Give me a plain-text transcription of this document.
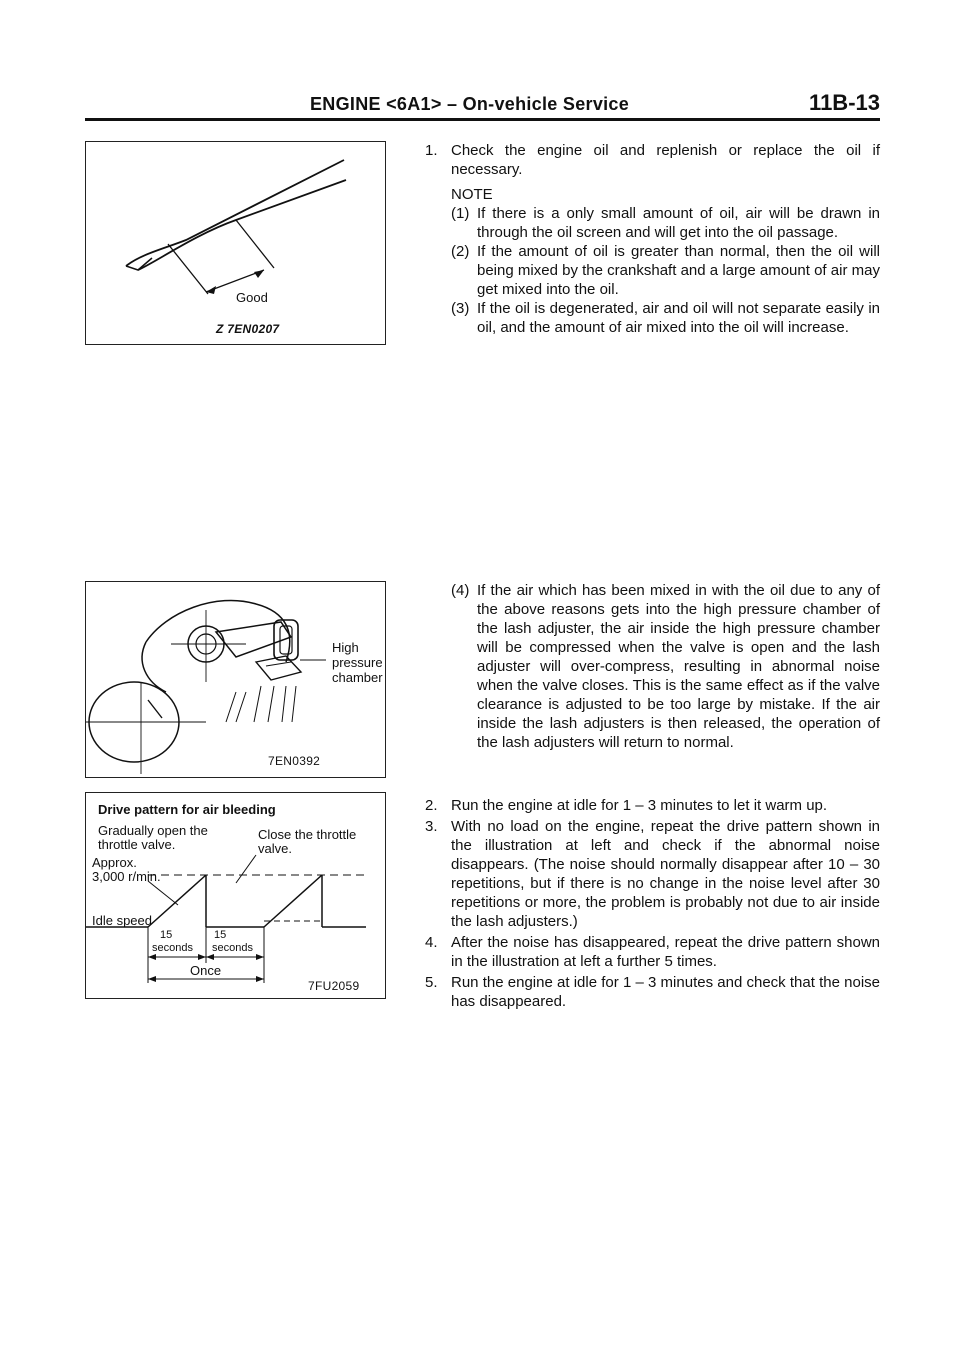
ENGINE <6A1> – On-vehicle Service	11B-13
Good
Z 7EN0207
High
pressure
chamber
7EN0392
Drive pattern for air bleeding
Gradually open the
throttle valve.
Close the throttle
valve.
Approx.
3,000 r/min.
Idle speed
15
seconds
15
seconds
Once
7FU2059
1. Check the engine oil and replenish or replace the oil if necessary.

NOTE

(1) If there is a only small amount of oil, air will be drawn in through the oil screen and will get into the oil passage.

(2) If the amount of oil is greater than normal, then the oil will being mixed by the crankshaft and a large amount of air may get mixed into the oil.

(3) If the oil is degenerated, air and oil will not separate easily in oil, and the amount of air mixed into the oil will increase.

(4) If the air which has been mixed in with the oil due to any of the above reasons gets into the high pressure chamber of the lash adjuster, the air inside the high pressure chamber will be compressed when the valve is open and the lash adjuster will over-compress, resulting in abnormal noise when the valve closes. This is the same effect as if the valve clearance is adjusted to be too large by mistake. If the air inside the lash adjusters is then released, the operation of the lash adjusters will return to normal.

2. Run the engine at idle for 1 – 3 minutes to let it warm up.

3. With no load on the engine, repeat the drive pattern shown in the illustration at left and check if the abnormal noise disappears. (The noise should normally disappear after 10 – 30 repetitions, but if there is no change in the noise level after 30 repetitions or more, the problem is probably not due to air inside the lash adjusters.)

4. After the noise has disappeared, repeat the drive pattern shown in the illustration at left a further 5 times.

5. Run the engine at idle for 1 – 3 minutes and check that the noise has disappeared.
